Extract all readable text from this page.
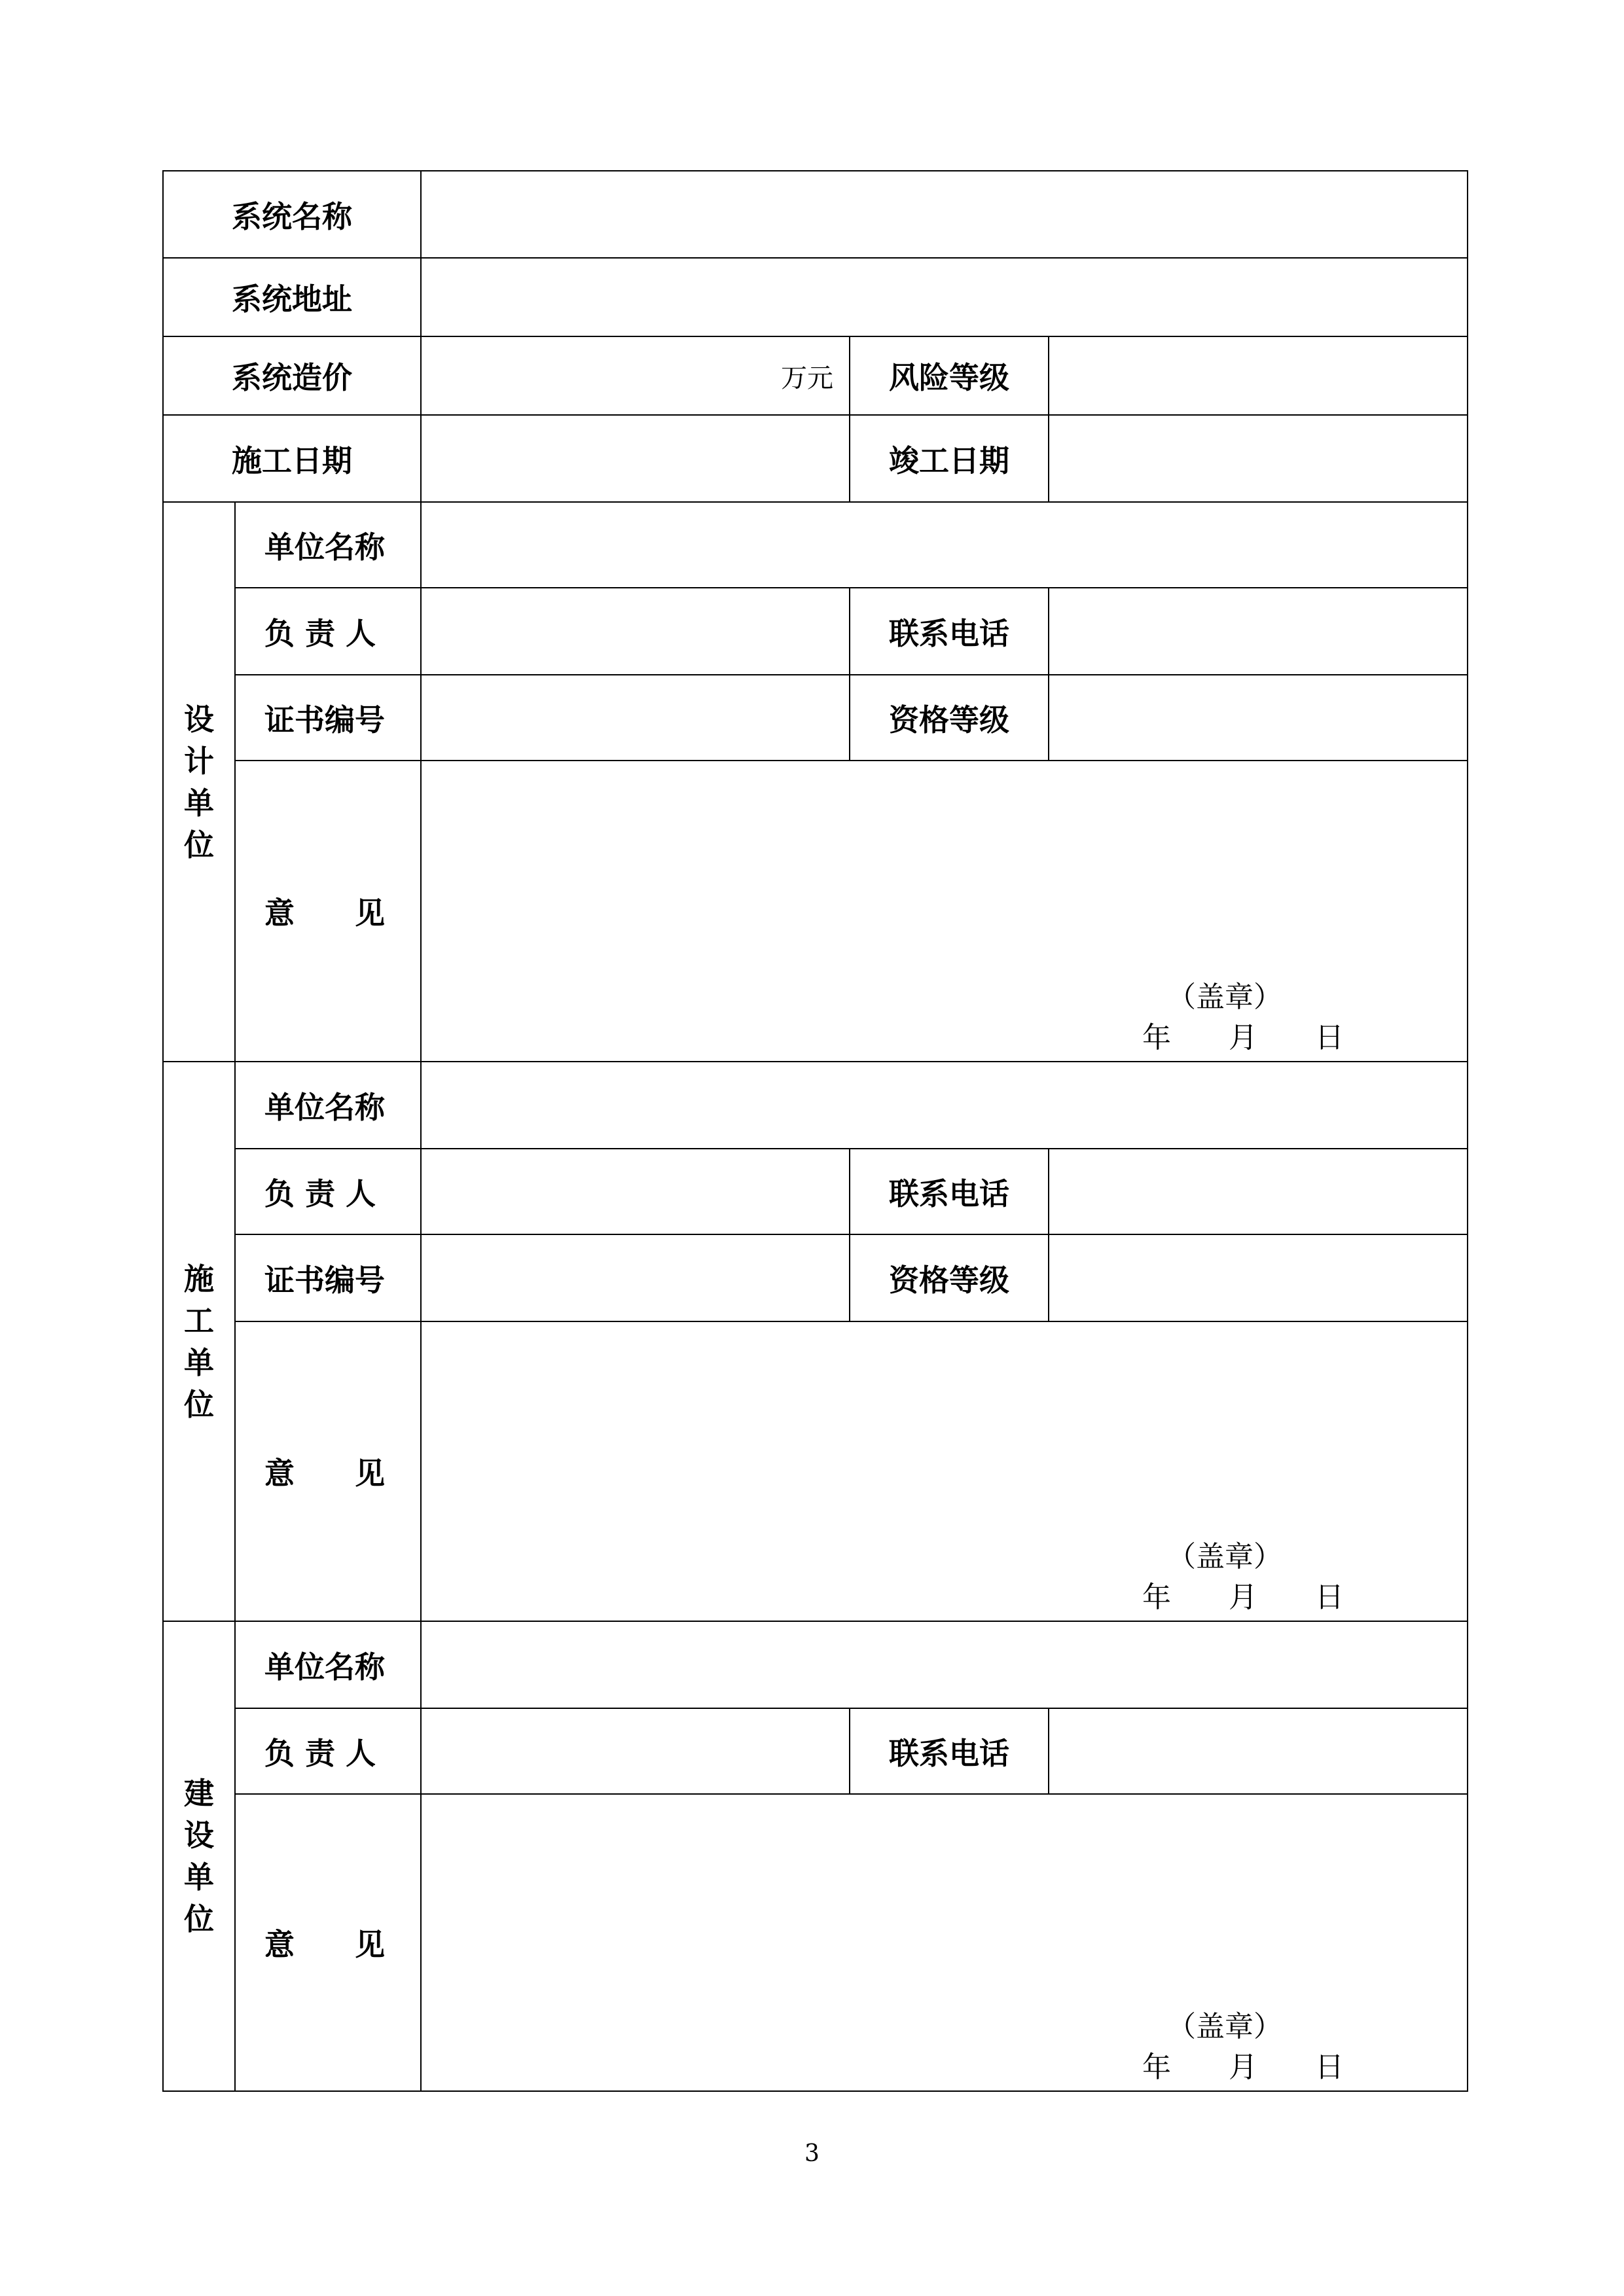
系统名称				
系统地址				
系统造价		万元	风险等级	
施工日期			竣工日期	

设
计
单
位	单位名称			
	负 责 人		联系电话	
	证书编号		资格等级	
	意　　见	（盖章）
年　　月　　日		

施
工
单
位	单位名称			
	负 责 人		联系电话	
	证书编号		资格等级	
	意　　见	（盖章）
年　　月　　日		

建
设
单
位	单位名称			
	负 责 人		联系电话	
	意　　见	（盖章）
年　　月　　日		
3
